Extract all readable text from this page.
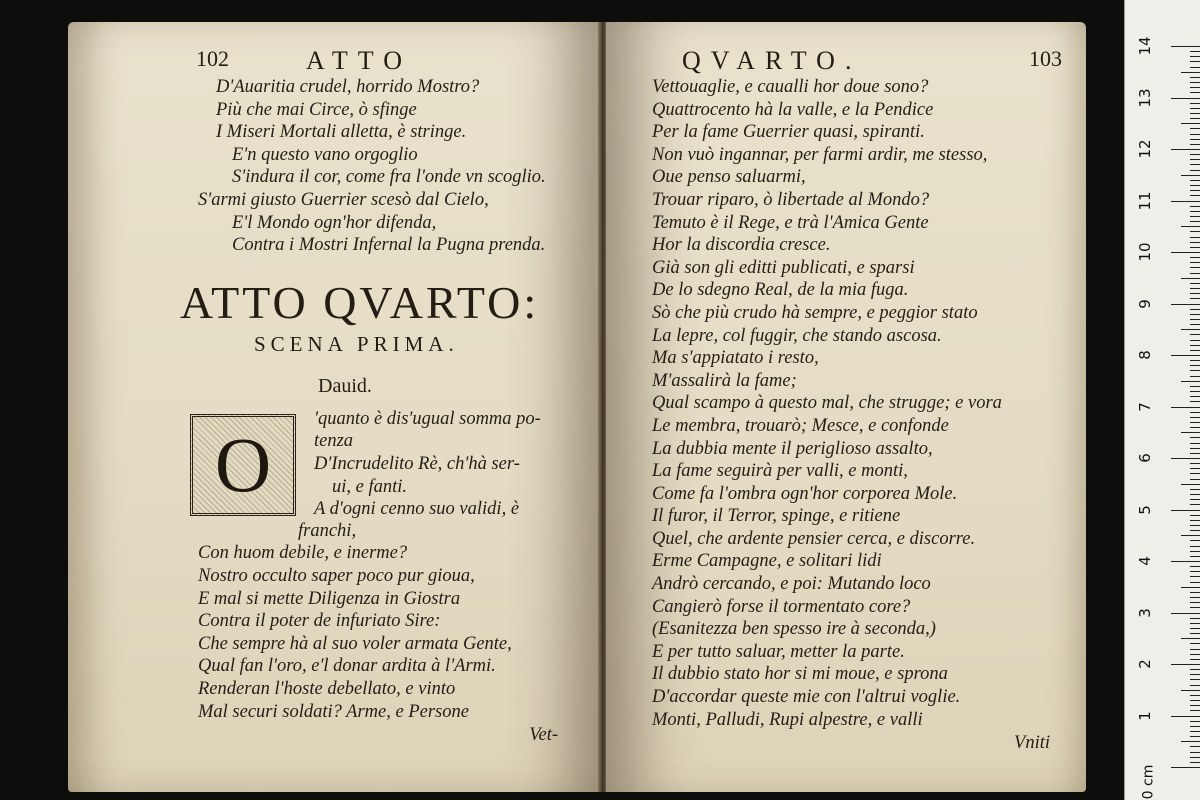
102	ATTO
D'Auaritia crudel, horrido Mostro?
Più che mai Circe, ò sfinge
I Miseri Mortali alletta, è stringe.
E'n questo vano orgoglio
S'indura il cor, come fra l'onde vn scoglio.
S'armi giusto Guerrier scesò dal Cielo,
E'l Mondo ogn'hor difenda,
Contra i Mostri Infernal la Pugna prenda.
ATTO QVARTO:
SCENA PRIMA.
Dauid.
O
'quanto è dis'ugual somma po-
tenza
D'Incrudelito Rè, ch'hà ser-
ui, e fanti.
A d'ogni cenno suo validi, è
franchi,
Con huom debile, e inerme?
Nostro occulto saper poco pur gioua,
E mal si mette Diligenza in Giostra
Contra il poter de infuriato Sire:
Che sempre hà al suo voler armata Gente,
Qual fan l'oro, e'l donar ardita à l'Armi.
Renderan l'hoste debellato, e vinto
Mal securi soldati? Arme, e Persone
Vet-
QVARTO.	103
Vettouaglie, e caualli hor doue sono?
Quattrocento hà la valle, e la Pendice
Per la fame Guerrier quasi, spiranti.
Non vuò ingannar, per farmi ardir, me stesso,
Oue penso saluarmi,
Trouar riparo, ò libertade al Mondo?
Temuto è il Rege, e trà l'Amica Gente
Hor la discordia cresce.
Già son gli editti publicati, e sparsi
De lo sdegno Real, de la mia fuga.
Sò che più crudo hà sempre, e peggior stato
La lepre, col fuggir, che stando ascosa.
Ma s'appiatato i resto,
M'assalirà la fame;
Qual scampo à questo mal, che strugge; e vora
Le membra, trouarò; Mesce, e confonde
La dubbia mente il periglioso assalto,
La fame seguirà per valli, e monti,
Come fa l'ombra ogn'hor corporea Mole.
Il furor, il Terror, spinge, e ritiene
Quel, che ardente pensier cerca, e discorre.
Erme Campagne, e solitari lidi
Andrò cercando, e poi: Mutando loco
Cangierò forse il tormentato core?
(Esanitezza ben spesso ire à seconda,)
E per tutto saluar, metter la parte.
Il dubbio stato hor si mi moue, e sprona
D'accordar queste mie con l'altrui voglie.
Monti, Palludi, Rupi alpestre, e valli
Vniti
0 cm
14
13
12
11
10
9
8
7
6
5
4
3
2
1
